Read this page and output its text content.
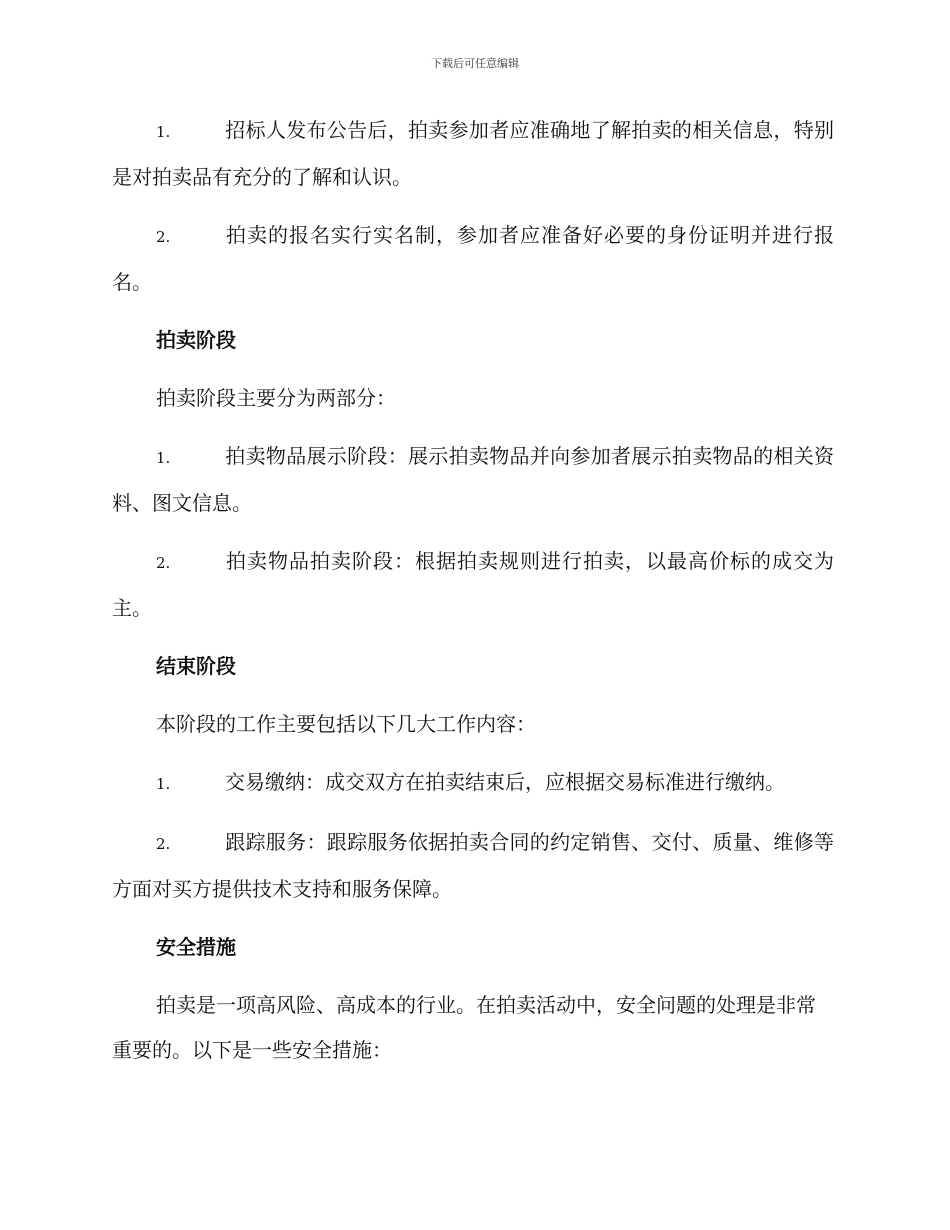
下载后可任意编辑

1.	招标人发布公告后，拍卖参加者应准确地了解拍卖的相关信息，特别是对拍卖品有充分的了解和认识。

2.	拍卖的报名实行实名制，参加者应准备好必要的身份证明并进行报名。

拍卖阶段

拍卖阶段主要分为两部分：

1.	拍卖物品展示阶段：展示拍卖物品并向参加者展示拍卖物品的相关资料、图文信息。

2.	拍卖物品拍卖阶段：根据拍卖规则进行拍卖，以最高价标的成交为主。

结束阶段

本阶段的工作主要包括以下几大工作内容：

1.	交易缴纳：成交双方在拍卖结束后，应根据交易标准进行缴纳。

2.	跟踪服务：跟踪服务依据拍卖合同的约定销售、交付、质量、维修等方面对买方提供技术支持和服务保障。

安全措施

拍卖是一项高风险、高成本的行业。在拍卖活动中，安全问题的处理是非常重要的。以下是一些安全措施：
